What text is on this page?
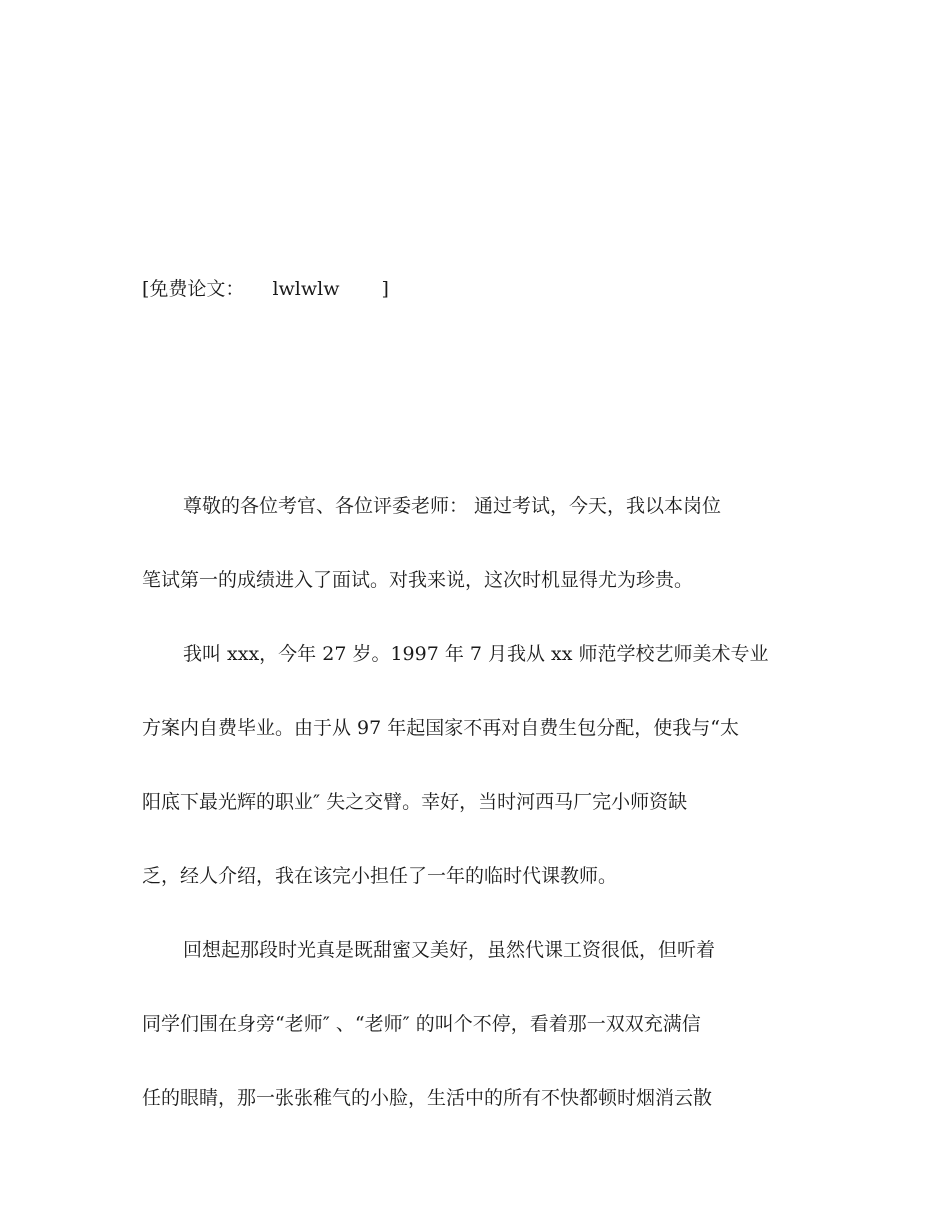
[免费论文： lwlwlw ]
尊敬的各位考官、各位评委老师： 通过考试，今天，我以本岗位
笔试第一的成绩进入了面试。对我来说，这次时机显得尤为珍贵。
我叫 xxx，今年 27 岁。1997 年 7 月我从 xx 师范学校艺师美术专业
方案内自费毕业。由于从 97 年起国家不再对自费生包分配，使我与“太
阳底下最光辉的职业″ 失之交臂。幸好，当时河西马厂完小师资缺
乏，经人介绍，我在该完小担任了一年的临时代课教师。
回想起那段时光真是既甜蜜又美好，虽然代课工资很低，但听着
同学们围在身旁“老师″ 、“老师″ 的叫个不停，看着那一双双充满信
任的眼睛，那一张张稚气的小脸，生活中的所有不快都顿时烟消云散
